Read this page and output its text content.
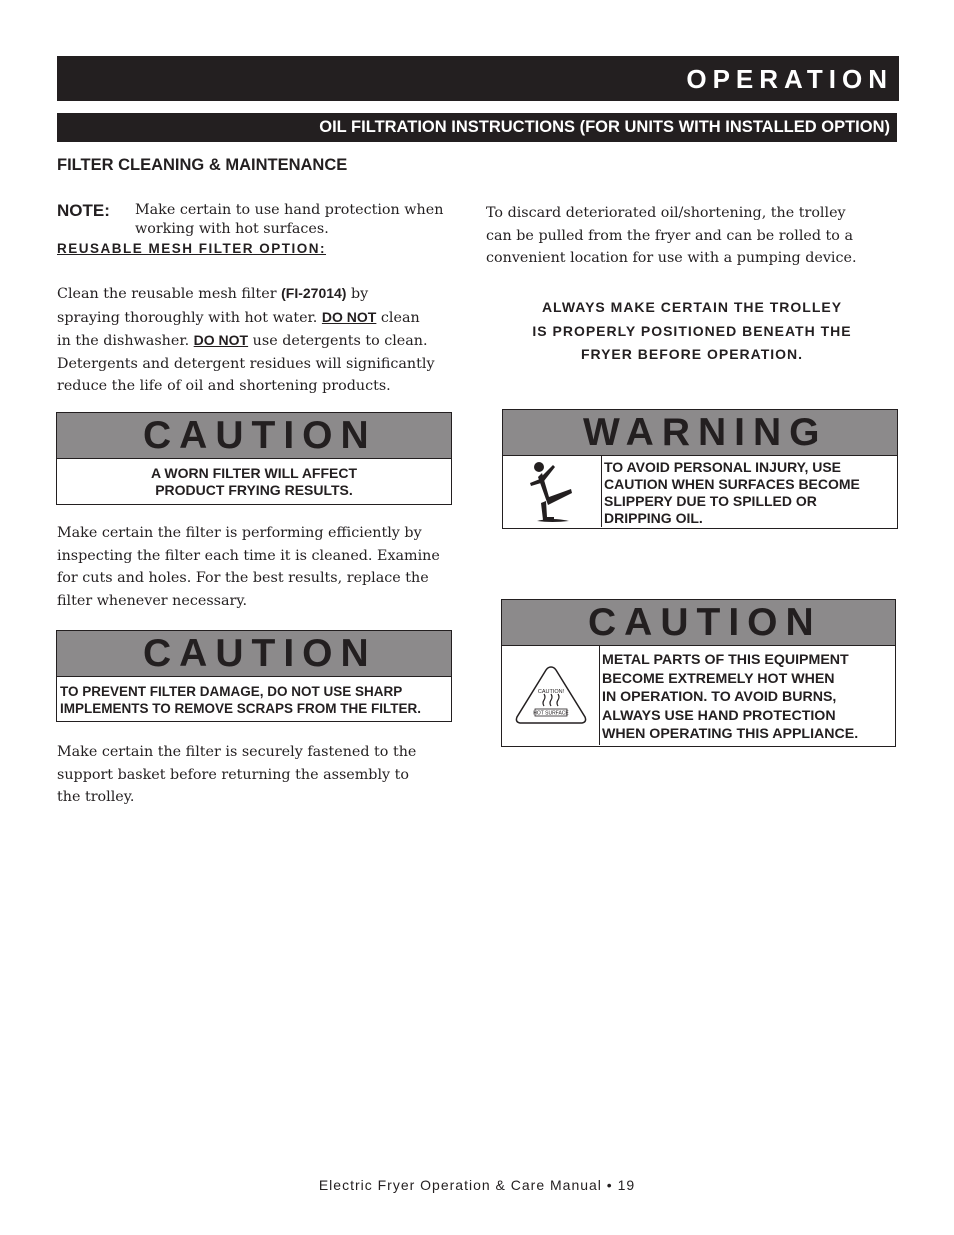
OPERATION
OIL FILTRATION INSTRUCTIONS (FOR UNITS WITH INSTALLED OPTION)
FILTER CLEANING & MAINTENANCE
NOTE: Make certain to use hand protection when
working with hot surfaces.
REUSABLE MESH FILTER OPTION:
Clean the reusable mesh filter (FI-27014) by
spraying thoroughly with hot water. DO NOT clean
in the dishwasher. DO NOT use detergents to clean.
Detergents and detergent residues will significantly
reduce the life of oil and shortening products.
CAUTION
A WORN FILTER WILL AFFECT
PRODUCT FRYING RESULTS.
Make certain the filter is performing efficiently by
inspecting the filter each time it is cleaned. Examine
for cuts and holes. For the best results, replace the
filter whenever necessary.
CAUTION
TO PREVENT FILTER DAMAGE, DO NOT USE SHARP
IMPLEMENTS TO REMOVE SCRAPS FROM THE FILTER.
Make certain the filter is securely fastened to the
support basket before returning the assembly to
the trolley.
To discard deteriorated oil/shortening, the trolley
can be pulled from the fryer and can be rolled to a
convenient location for use with a pumping device.
ALWAYS MAKE CERTAIN THE TROLLEY
IS PROPERLY POSITIONED BENEATH THE
FRYER BEFORE OPERATION.
WARNING
TO AVOID PERSONAL INJURY, USE
CAUTION WHEN SURFACES BECOME
SLIPPERY DUE TO SPILLED OR
DRIPPING OIL.
CAUTION
CAUTION!
HOT SURFACE
METAL PARTS OF THIS EQUIPMENT
BECOME EXTREMELY HOT WHEN
IN OPERATION. TO AVOID BURNS,
ALWAYS USE HAND PROTECTION
WHEN OPERATING THIS APPLIANCE.
Electric Fryer Operation & Care Manual • 19
